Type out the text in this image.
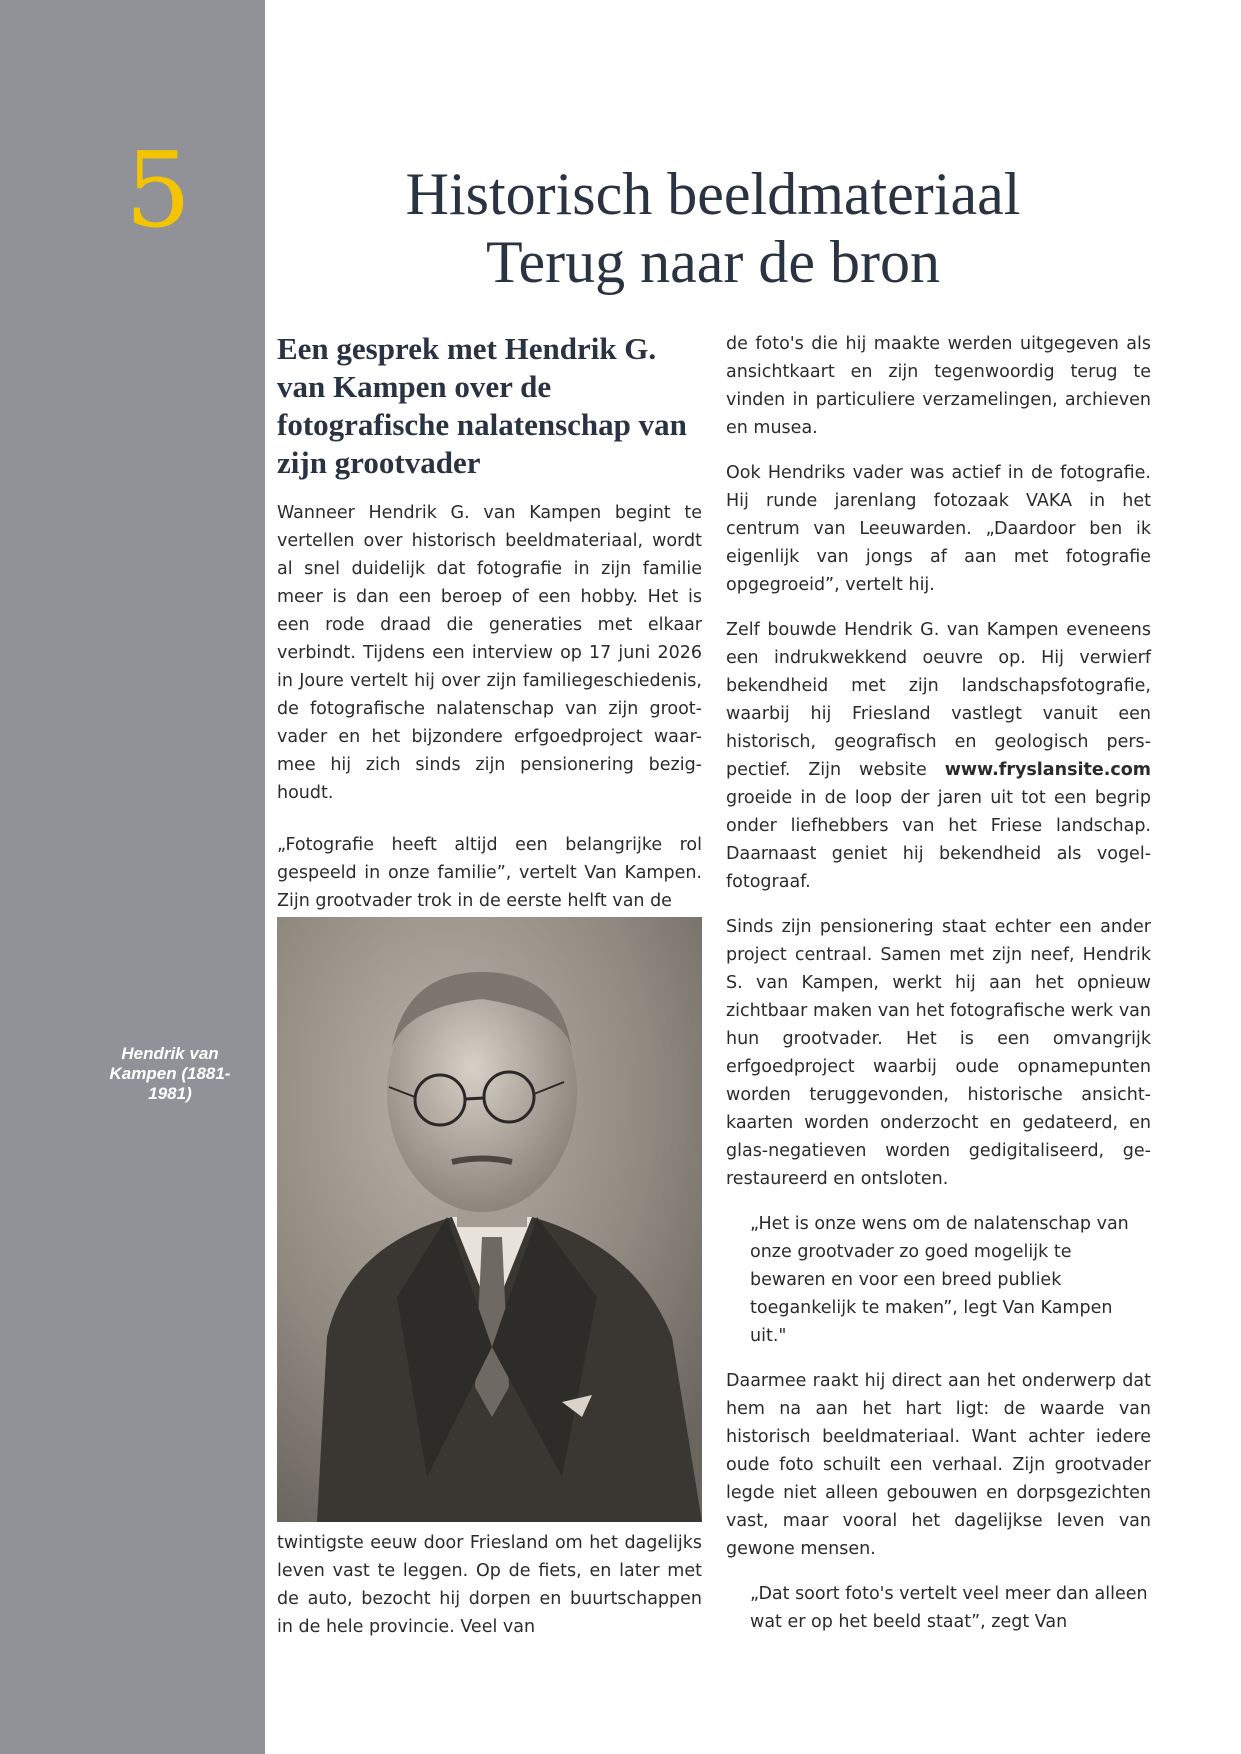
5
Hendrik van Kampen (1881-1981)
Historisch beeldmateriaal
Terug naar de bron
Een gesprek met Hendrik G. van Kampen over de fotografische nalatenschap van zijn grootvader

Wanneer Hendrik G. van Kampen begint te vertellen over historisch beeldmateriaal, wordt al snel duidelijk dat fotografie in zijn familie meer is dan een beroep of een hobby. Het is een rode draad die generaties met elkaar verbindt. Tijdens een interview op 17 juni 2026 in Joure vertelt hij over zijn familiegeschiedenis, de fotografische nalatenschap van zijn groot-vader en het bijzondere erfgoedproject waar-mee hij zich sinds zijn pensionering bezig-houdt.

„Fotografie heeft altijd een belangrijke rol gespeeld in onze familie”, vertelt Van Kampen. Zijn grootvader trok in de eerste helft van de

twintigste eeuw door Friesland om het dagelijks leven vast te leggen. Op de fiets, en later met de auto, bezocht hij dorpen en buurtschappen in de hele provincie. Veel van

de foto's die hij maakte werden uitgegeven als ansichtkaart en zijn tegenwoordig terug te vinden in particuliere verzamelingen, archieven en musea.

Ook Hendriks vader was actief in de fotografie. Hij runde jarenlang fotozaak VAKA in het centrum van Leeuwarden. „Daardoor ben ik eigenlijk van jongs af aan met fotografie opgegroeid”, vertelt hij.

Zelf bouwde Hendrik G. van Kampen eveneens een indrukwekkend oeuvre op. Hij verwierf bekendheid met zijn landschapsfotografie, waarbij hij Friesland vastlegt vanuit een historisch, geografisch en geologisch pers-pectief. Zijn website www.fryslansite.com groeide in de loop der jaren uit tot een begrip onder liefhebbers van het Friese landschap. Daarnaast geniet hij bekendheid als vogel-fotograaf.

Sinds zijn pensionering staat echter een ander project centraal. Samen met zijn neef, Hendrik S. van Kampen, werkt hij aan het opnieuw zichtbaar maken van het fotografische werk van hun grootvader. Het is een omvangrijk erfgoedproject waarbij oude opnamepunten worden teruggevonden, historische ansicht-kaarten worden onderzocht en gedateerd, en glas-negatieven worden gedigitaliseerd, ge-restaureerd en ontsloten.

„Het is onze wens om de nalatenschap van onze grootvader zo goed mogelijk te bewaren en voor een breed publiek toegankelijk te maken”, legt Van Kampen uit."

Daarmee raakt hij direct aan het onderwerp dat hem na aan het hart ligt: de waarde van historisch beeldmateriaal. Want achter iedere oude foto schuilt een verhaal. Zijn grootvader legde niet alleen gebouwen en dorpsgezichten vast, maar vooral het dagelijkse leven van gewone mensen.

„Dat soort foto's vertelt veel meer dan alleen wat er op het beeld staat”, zegt Van
